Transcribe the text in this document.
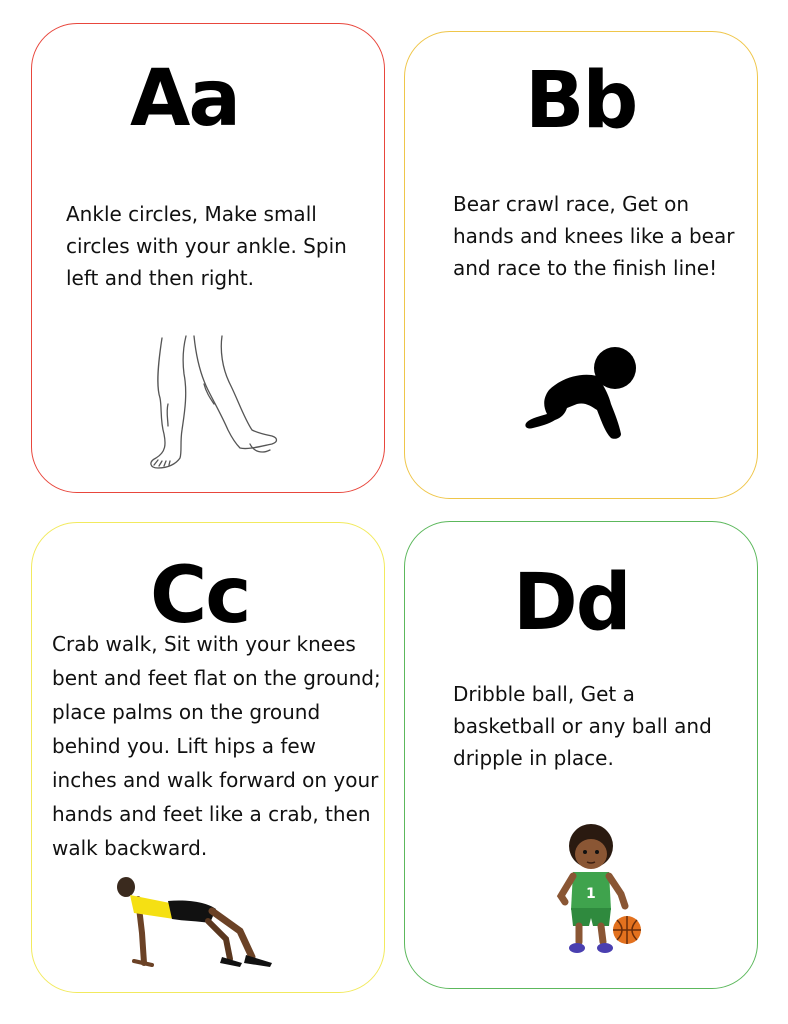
Aa
Ankle circles, Make small circles with your ankle. Spin left and then right.
Bb
Bear crawl race, Get on hands and knees like a bear and race to the finish line!
Cc
Crab walk, Sit with your knees bent and feet flat on the ground; place palms on the ground behind you. Lift hips a few inches and walk forward on your hands and feet like a crab, then walk backward.
Dd
Dribble ball, Get a basketball or any ball and dripple in place.
1
